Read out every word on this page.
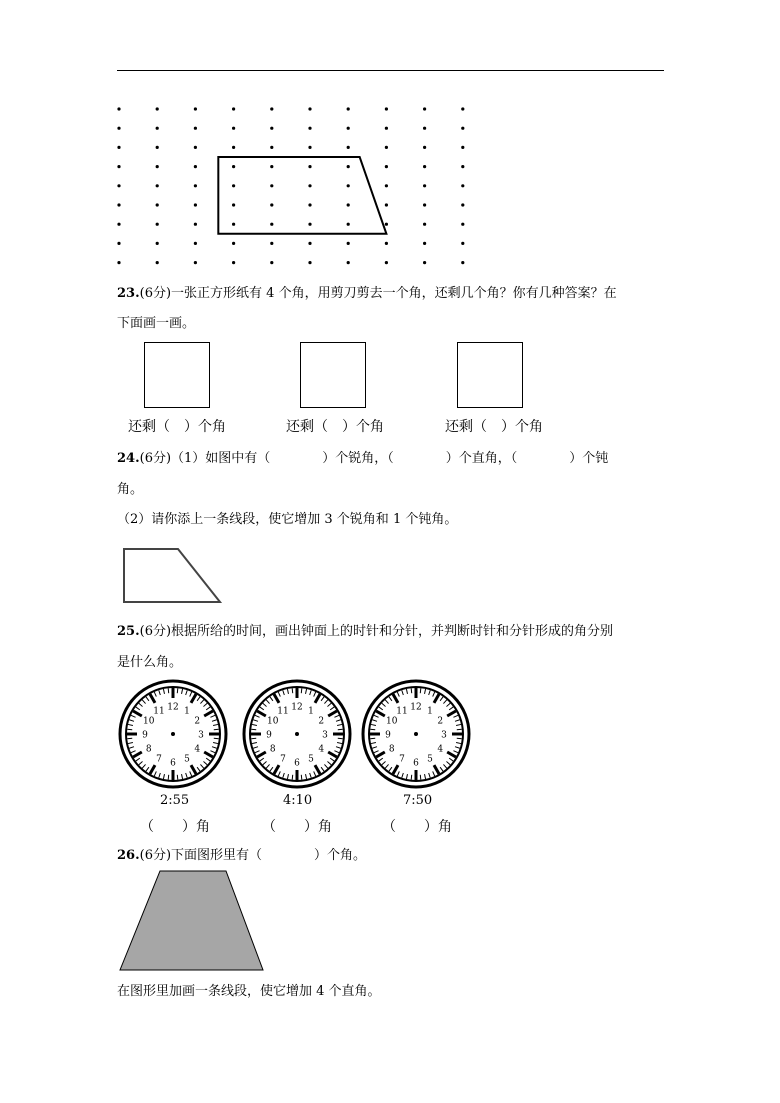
23.(6分)一张正方形纸有 4 个角，用剪刀剪去一个角，还剩几个角？你有几种答案？在
下面画一画。
还剩（　）个角	还剩（　）个角	还剩（　）个角
24.(6分)（1）如图中有（　　　　）个锐角，（　　　　）个直角，（　　　　）个钝
角。
（2）请你添上一条线段，使它增加 3 个锐角和 1 个钝角。
25.(6分)根据所给的时间，画出钟面上的时针和分针，并判断时针和分针形成的角分别
是什么角。
12 1
2
3
4
5
6
7
8
9
10
11	12 1
2
3
4
5
6
7
8
9
10
11	12 1
2
3
4
5
6
7
8
9
10
11
2:55	4:10	7:50
（　　）角	（　　）角	（　　）角
26.(6分)下面图形里有（　　　　）个角。
在图形里加画一条线段，使它增加 4 个直角。
